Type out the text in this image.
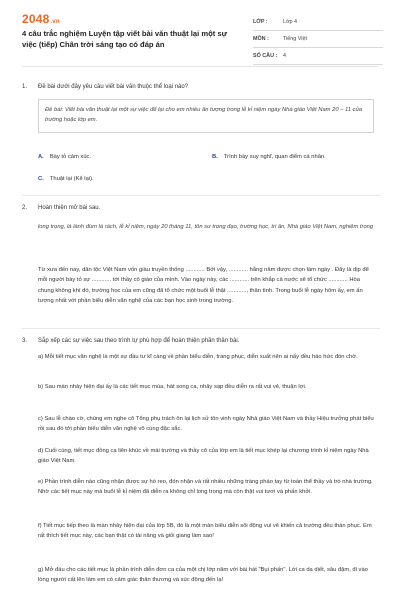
2048.vn
4 câu trắc nghiệm Luyện tập viết bài văn thuật lại một sự việc (tiếp) Chân trời sáng tạo có đáp án
LỚP :	Lớp 4
MÔN :	Tiếng Việt
SỐ CÂU :	4
1.	Đề bài dưới đây yêu cầu viết bài văn thuộc thể loại nào?
Đề bài: Viết bài văn thuật lại một sự việc để lại cho em nhiều ấn tượng trong lễ kỉ niệm ngày Nhà giáo Việt Nam 20 – 11 của trường hoặc lớp em.
A. Bày tỏ cảm xúc.	B. Trình bày suy nghĩ, quan điểm cá nhân.
C. Thuật lại (Kể lại).
2.	Hoàn thiện mở bài sau.
long trọng, lá lành đùm lá rách, lễ kỉ niệm, ngày 20 tháng 11, tôn sư trọng đạo, trường học, tri ân, Nhà giáo Việt Nam, nghiêm trọng
Từ xưa đến nay, dân tộc Việt Nam vốn giàu truyền thống ............ Bởi vậy, ............ hằng năm được chọn làm ngày . Đây là dịp để mỗi người bày tỏ sự ............ tới thầy cô giáo của mình. Vào ngày này, các ............ trên khắp cả nước sẽ tổ chức ............ Hòa chung không khí đó, trường học của em cũng đã tổ chức một buổi lễ thật ............, thân tình. Trong buổi lễ ngày hôm ấy, em ấn tượng nhất với phần biểu diễn văn nghệ của các bạn học sinh trong trường.
3.	Sắp xếp các sự việc sau theo trình tự phù hợp để hoàn thiện phần thân bài.
a) Mỗi tiết mục văn nghệ là một sự đầu tư kĩ càng về phần biểu diễn, trang phục, diễn xuất nên ai nấy đều háo hức đón chờ.
b) Sau màn nhảy hiện đại ấy là các tiết mục múa, hát song ca, nhảy sạp đều diễn ra rất vui vẻ, thuận lợi.
c) Sau lễ chào cờ, chúng em nghe cô Tổng phụ trách ôn lại lịch sử tôn vinh ngày Nhà giáo Việt Nam và thầy Hiệu trưởng phát biểu rồi sau đó tới phần biểu diễn văn nghệ vô cùng đặc sắc.
d) Cuối cùng, tiết mục đồng ca liên khúc về mái trường và thầy cô của lớp em là tiết mục khép lại chương trình kỉ niệm ngày Nhà giáo Việt Nam.
e) Phần trình diễn nào cũng nhận được sự hò reo, đón nhận và rất nhiều những tràng pháo tay từ toàn thể thầy và trò nhà trường. Nhờ các tiết mục này mà buổi lễ kỉ niệm đã diễn ra không chỉ long trọng mà còn thật vui tươi và phấn khởi.
f) Tiết mục tiếp theo là màn nhảy hiện đại của lớp 5B, đó là một màn biểu diễn sôi động vui vẻ khiến cả trường đều thán phục. Em rất thích tiết mục này, các bạn thật có tài năng và giỏi giang làm sao!
g) Mở đầu cho các tiết mục là phần trình diễn đơn ca của một chị lớp năm với bài hát "Bụi phấn". Lời ca da diết, sâu đậm, đi vào lòng người cất lên làm em có cảm giác thân thương và xúc động đến lạ!
